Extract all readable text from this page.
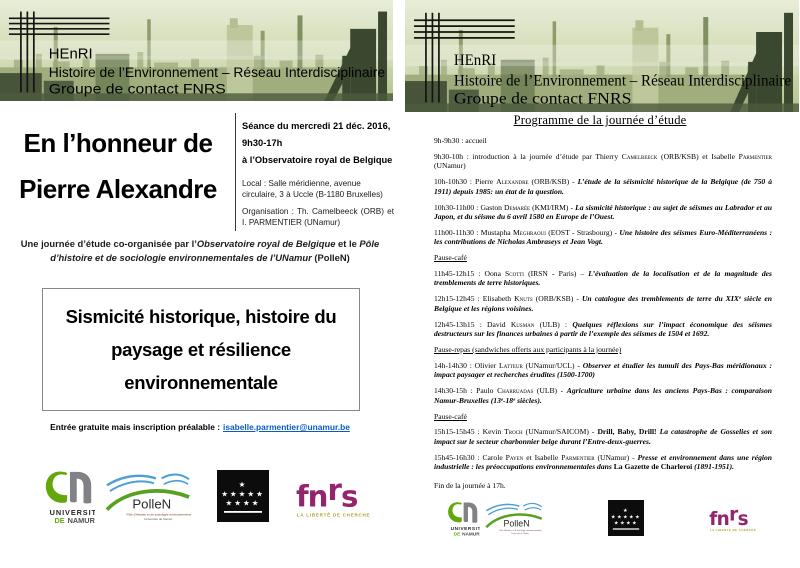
En l’honneur de
Pierre Alexandre
Séance du mercredi 21 déc. 2016,
9h30-17h
à l’Observatoire royal de Belgique
Local : Salle méridienne, avenue circulaire, 3 à Uccle (B-1180 Bruxelles)
Organisation : Th. Camelbeeck (ORB) et I. PARMENTIER (UNamur)
Une journée d’étude co-organisée par l’Observatoire royal de Belgique et le Pôle d’histoire et de sociologie environnementales de l’UNamur (PolleN)
Sismicité historique, histoire du paysage et résilience environnementale
Entrée gratuite mais inscription préalable : isabelle.parmentier@unamur.be
Programme de la journée d’étude

9h-9h30 : accueil

9h30-10h : introduction à la journée d’étude par Thierry Camelbeeck (ORB/KSB) et Isabelle Parmentier (UNamur)

10h-10h30 : Pierre Alexandre (ORB/KSB) - L’étude de la séismicité historique de la Belgique (de 750 à 1911) depuis 1985: un état de la question.

10h30-11h00 : Gaston Demarée (KMI/IRM) - La sismicité historique : au sujet de séismes au Labrador et au Japon, et du séisme du 6 avril 1580 en Europe de l’Ouest.

11h00-11h30 : Mustapha Meghraoui (EOST - Strasbourg) - Une histoire des séismes Euro-Méditerranéens : les contributions de Nicholas Ambraseys et Jean Vogt.

Pause-café

11h45-12h15 : Oona Scotti (IRSN - Paris) – L’évaluation de la localisation et de la magnitude des tremblements de terre historiques.

12h15-12h45 : Elisabeth Knuts (ORB/KSB) - Un catalogue des tremblements de terre du XIXᵉ siècle en Belgique et les régions voisines.

12h45-13h15 : David Kusman (ULB) : Quelques réflexions sur l’impact économique des séismes destructeurs sur les finances urbaines à partir de l’exemple des séismes de 1504 et 1692.

Pause-repas (sandwiches offerts aux participants à la journée)

14h-14h30 : Olivier Latteur (UNamur/UCL) - Observer et étudier les tumuli des Pays-Bas méridionaux : impact paysager et recherches érudites (1500-1700)

14h30-15h : Paulo Charruadas (ULB) - Agriculture urbaine dans les anciens Pays-Bas : comparaison Namur-Bruxelles (13ᵉ-18ᵉ siècles).

Pause-café

15h15-15h45 : Kevin Troch (UNamur/SAICOM) - Drill, Baby, Drill! La catastrophe de Gosselies et son impact sur le secteur charbonnier belge durant l’Entre-deux-guerres.

15h45-16h30 : Carole Payen et Isabelle Parmentier (UNamur) - Presse et environnement dans une région industrielle : les préoccupations environnementales dans La Gazette de Charleroi (1891-1951).

Fin de la journée à 17h.
